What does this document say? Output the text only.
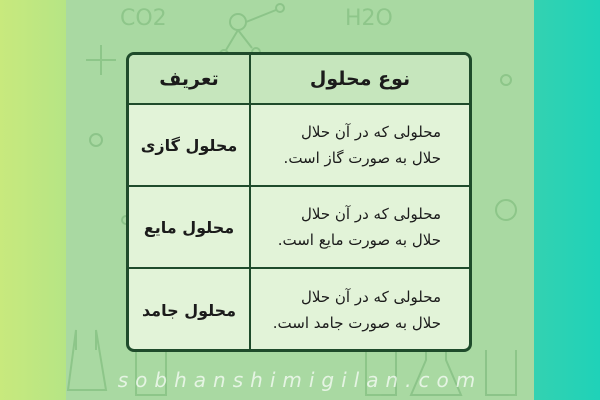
CO2	H2O
نوع محلول
تعریف
محلولی که در آن حلال
حلال به صورت گاز است.
محلول گازی
محلولی که در آن حلال
حلال به صورت مایع است.
محلول مایع
محلولی که در آن حلال
حلال به صورت جامد است.
محلول جامد
sobhanshimigilan.com
